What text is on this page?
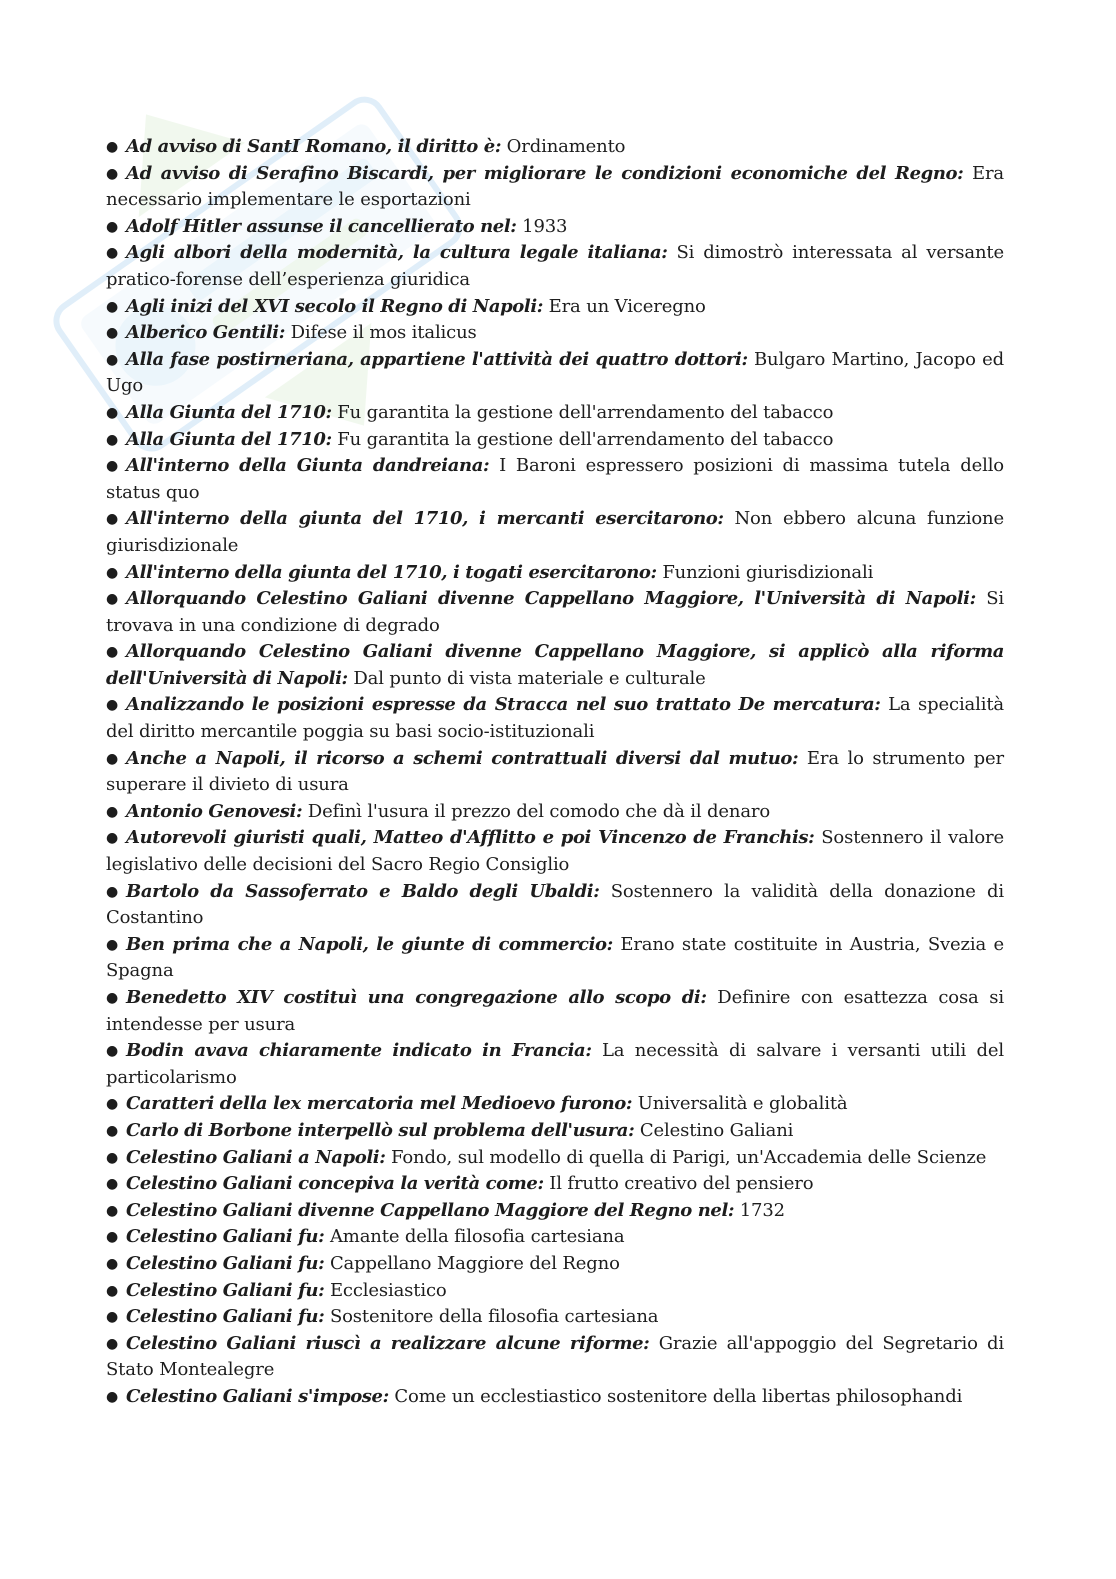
● Ad avviso di SantI Romano, il diritto è: Ordinamento
● Ad avviso di Serafino Biscardi, per migliorare le condizioni economiche del Regno: Era necessario implementare le esportazioni
● Adolf Hitler assunse il cancellierato nel: 1933
● Agli albori della modernità, la cultura legale italiana: Si dimostrò interessata al versante pratico-forense dell’esperienza giuridica
● Agli inizi del XVI secolo il Regno di Napoli: Era un Viceregno
● Alberico Gentili: Difese il mos italicus
● Alla fase postirneriana, appartiene l'attività dei quattro dottori: Bulgaro Martino, Jacopo ed Ugo
● Alla Giunta del 1710: Fu garantita la gestione dell'arrendamento del tabacco
● Alla Giunta del 1710: Fu garantita la gestione dell'arrendamento del tabacco
● All'interno della Giunta dandreiana: I Baroni espressero posizioni di massima tutela dello status quo
● All'interno della giunta del 1710, i mercanti esercitarono: Non ebbero alcuna funzione giurisdizionale
● All'interno della giunta del 1710, i togati esercitarono: Funzioni giurisdizionali
● Allorquando Celestino Galiani divenne Cappellano Maggiore, l'Università di Napoli: Si trovava in una condizione di degrado
● Allorquando Celestino Galiani divenne Cappellano Maggiore, si applicò alla riforma dell'Università di Napoli: Dal punto di vista materiale e culturale
● Analizzando le posizioni espresse da Stracca nel suo trattato De mercatura: La specialità del diritto mercantile poggia su basi socio-istituzionali
● Anche a Napoli, il ricorso a schemi contrattuali diversi dal mutuo: Era lo strumento per superare il divieto di usura
● Antonio Genovesi: Definì l'usura il prezzo del comodo che dà il denaro
● Autorevoli giuristi quali, Matteo d'Afflitto e poi Vincenzo de Franchis: Sostennero il valore legislativo delle decisioni del Sacro Regio Consiglio
● Bartolo da Sassoferrato e Baldo degli Ubaldi: Sostennero la validità della donazione di Costantino
● Ben prima che a Napoli, le giunte di commercio: Erano state costituite in Austria, Svezia e Spagna
● Benedetto XIV costituì una congregazione allo scopo di: Definire con esattezza cosa si intendesse per usura
● Bodin avava chiaramente indicato in Francia: La necessità di salvare i versanti utili del particolarismo
● Caratteri della lex mercatoria mel Medioevo furono: Universalità e globalità
● Carlo di Borbone interpellò sul problema dell'usura: Celestino Galiani
● Celestino Galiani a Napoli: Fondo, sul modello di quella di Parigi, un'Accademia delle Scienze
● Celestino Galiani concepiva la verità come: Il frutto creativo del pensiero
● Celestino Galiani divenne Cappellano Maggiore del Regno nel: 1732
● Celestino Galiani fu: Amante della filosofia cartesiana
● Celestino Galiani fu: Cappellano Maggiore del Regno
● Celestino Galiani fu: Ecclesiastico
● Celestino Galiani fu: Sostenitore della filosofia cartesiana
● Celestino Galiani riuscì a realizzare alcune riforme: Grazie all'appoggio del Segretario di Stato Montealegre
● Celestino Galiani s'impose: Come un ecclestiastico sostenitore della libertas philosophandi
